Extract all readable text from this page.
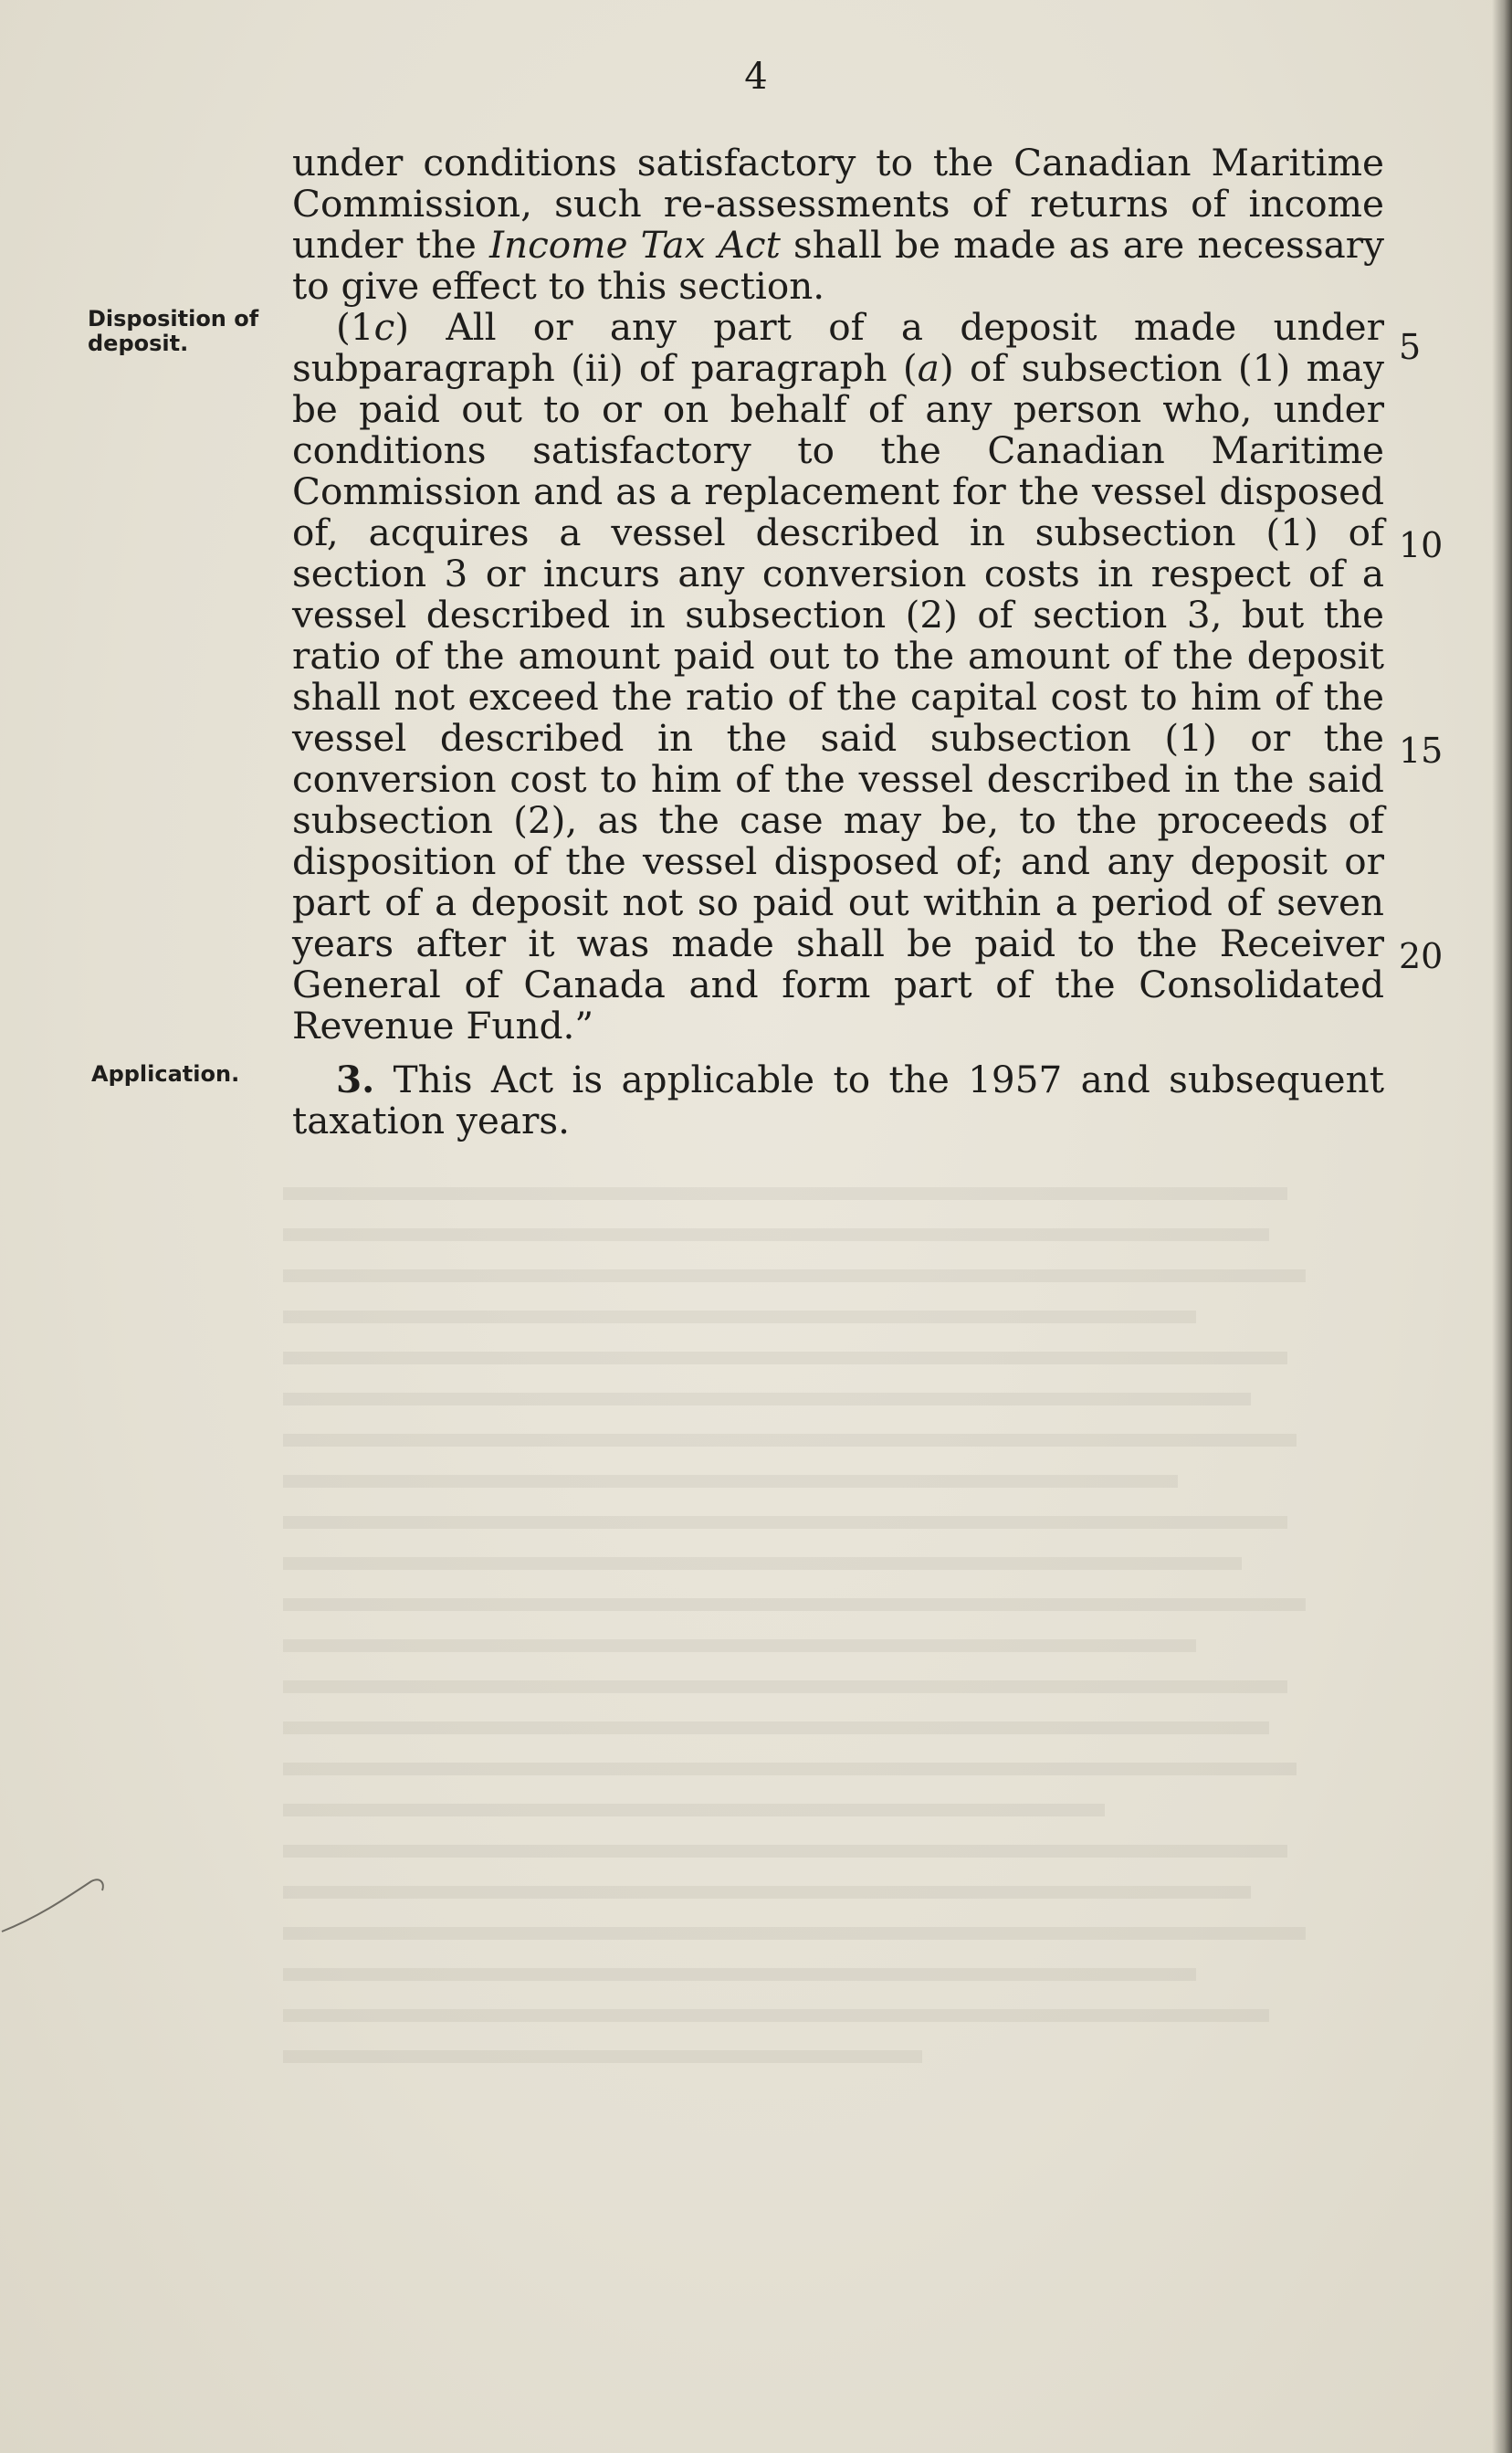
4

under conditions satisfactory to the Canadian Maritime Commission, such re-assessments of returns of income under the Income Tax Act shall be made as are necessary to give effect to this section.

Disposition of deposit.	(1c) All or any part of a deposit made under subparagraph (ii) of paragraph (a) of subsection (1) may be paid out to or on behalf of any person who, under conditions satisfactory to the Canadian Maritime Commission and as a replacement for the vessel disposed of, acquires a vessel described in subsection (1) of section 3 or incurs any conversion costs in respect of a vessel described in subsection (2) of section 3, but the ratio of the amount paid out to the amount of the deposit shall not exceed the ratio of the capital cost to him of the vessel described in the said subsection (1) or the conversion cost to him of the vessel described in the said subsection (2), as the case may be, to the proceeds of disposition of the vessel disposed of; and any deposit or part of a deposit not so paid out within a period of seven years after it was made shall be paid to the Receiver General of Canada and form part of the Consolidated Revenue Fund.”

5
10
15
20
Application.	3. This Act is applicable to the 1957 and subsequent taxation years.
